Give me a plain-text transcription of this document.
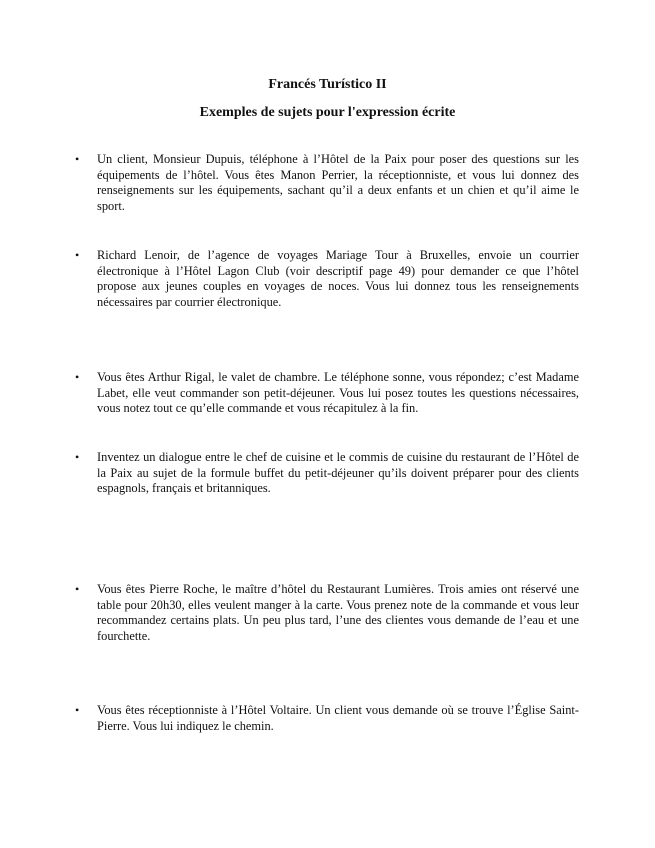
Francés Turístico II
Exemples de sujets pour l'expression écrite
• Un client, Monsieur Dupuis, téléphone à l’Hôtel de la Paix pour poser des questions sur les équipements de l’hôtel. Vous êtes Manon Perrier, la réceptionniste, et vous lui donnez des renseignements sur les équipements, sachant qu’il a deux enfants et un chien et qu’il aime le sport.
• Richard Lenoir, de l’agence de voyages Mariage Tour à Bruxelles, envoie un courrier électronique à l’Hôtel Lagon Club (voir descriptif page 49) pour demander ce que l’hôtel propose aux jeunes couples en voyages de noces. Vous lui donnez tous les renseignements nécessaires par courrier électronique.
• Vous êtes Arthur Rigal, le valet de chambre. Le téléphone sonne, vous répondez; c’est Madame Labet, elle veut commander son petit-déjeuner. Vous lui posez toutes les questions nécessaires, vous notez tout ce qu’elle commande et vous récapitulez à la fin.
• Inventez un dialogue entre le chef de cuisine et le commis de cuisine du restaurant de l’Hôtel de la Paix au sujet de la formule buffet du petit-déjeuner qu’ils doivent préparer pour des clients espagnols, français et britanniques.
• Vous êtes Pierre Roche, le maître d’hôtel du Restaurant Lumières. Trois amies ont réservé une table pour 20h30, elles veulent manger à la carte. Vous prenez note de la commande et vous leur recommandez certains plats. Un peu plus tard, l’une des clientes vous demande de l’eau et une fourchette.
• Vous êtes réceptionniste à l’Hôtel Voltaire. Un client vous demande où se trouve l’Église Saint-Pierre. Vous lui indiquez le chemin.
